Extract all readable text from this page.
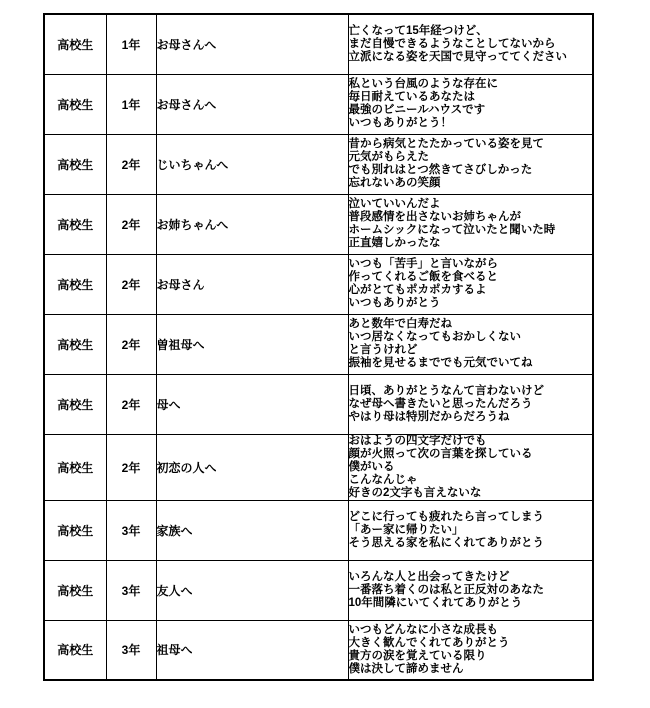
高校生	1年	お母さんへ	亡くなって15年経つけど、
まだ自慢できるようなことしてないから
立派になる姿を天国で見守っててください

高校生	1年	お母さんへ	私という台風のような存在に
毎日耐えているあなたは
最強のビニールハウスです
いつもありがとう！

高校生	2年	じいちゃんへ	昔から病気とたたかっている姿を見て
元気がもらえた
でも別れはとつ然きてさびしかった
忘れないあの笑顔

高校生	2年	お姉ちゃんへ	泣いていいんだよ
普段感情を出さないお姉ちゃんが
ホームシックになって泣いたと聞いた時
正直嬉しかったな

高校生	2年	お母さん	いつも「苦手」と言いながら
作ってくれるご飯を食べると
心がとてもポカポカするよ
いつもありがとう

高校生	2年	曽祖母へ	あと数年で白寿だね
いつ居なくなってもおかしくない
と言うけれど
振袖を見せるまででも元気でいてね

高校生	2年	母へ	日頃、ありがとうなんて言わないけど
なぜ母へ書きたいと思ったんだろう
やはり母は特別だからだろうね

高校生	2年	初恋の人へ	おはようの四文字だけでも
顔が火照って次の言葉を探している
僕がいる
こんなんじゃ
好きの2文字も言えないな

高校生	3年	家族へ	どこに行っても疲れたら言ってしまう
「あー家に帰りたい」
そう思える家を私にくれてありがとう

高校生	3年	友人へ	いろんな人と出会ってきたけど
一番落ち着くのは私と正反対のあなた
10年間隣にいてくれてありがとう

高校生	3年	祖母へ	いつもどんなに小さな成長も
大きく歓んでくれてありがとう
貴方の涙を覚えている限り
僕は決して諦めません
